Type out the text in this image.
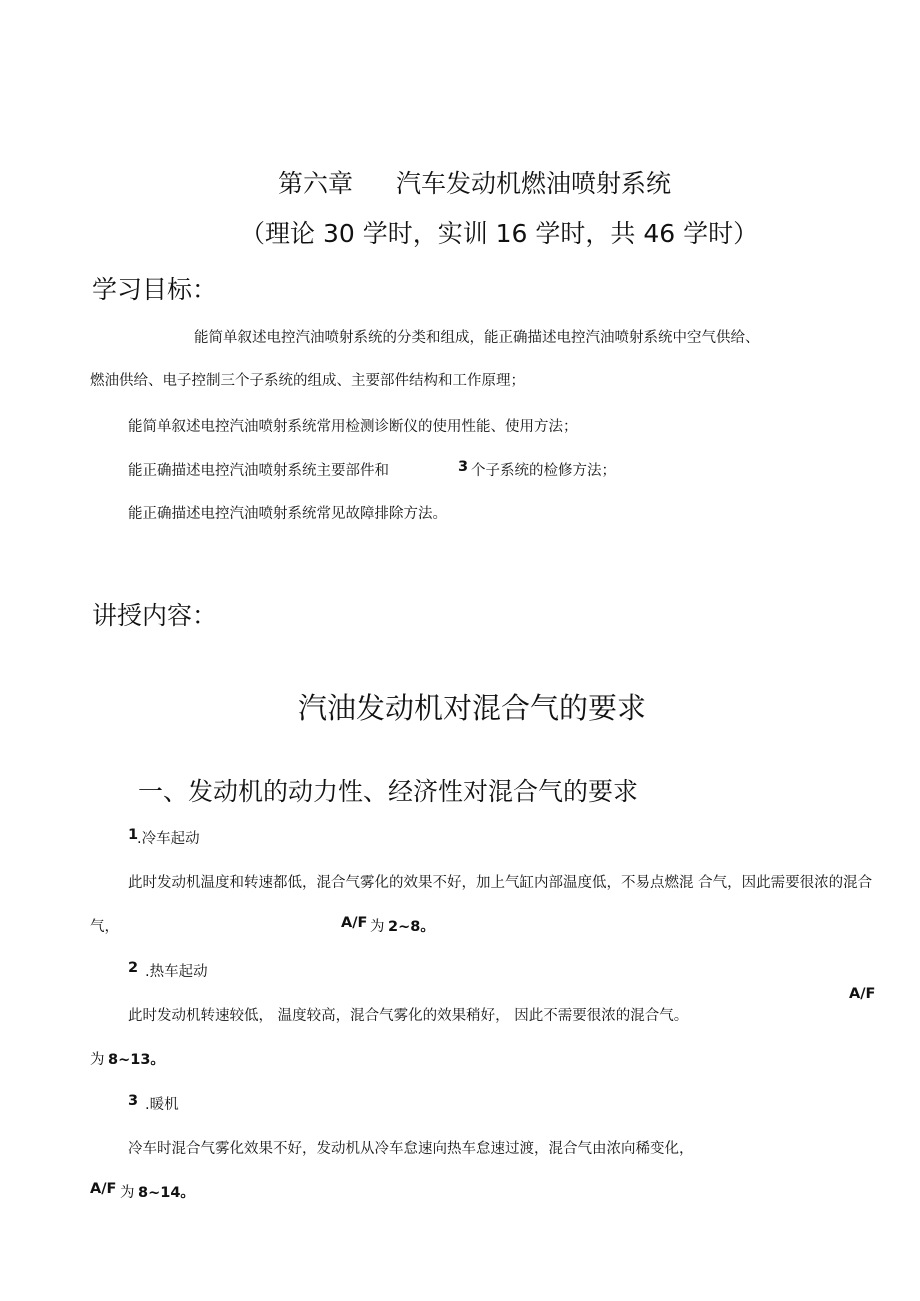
第六章 汽车发动机燃油喷射系统
（理论 30 学时，实训 16 学时，共 46 学时）
学习目标：
能简单叙述电控汽油喷射系统的分类和组成，能正确描述电控汽油喷射系统中空气供给、
燃油供给、电子控制三个子系统的组成、主要部件结构和工作原理；
能简单叙述电控汽油喷射系统常用检测诊断仪的使用性能、使用方法；
能正确描述电控汽油喷射系统主要部件和	3 个子系统的检修方法；
能正确描述电控汽油喷射系统常见故障排除方法。
讲授内容：
汽油发动机对混合气的要求
一、发动机的动力性、经济性对混合气的要求
1
.冷车起动
此时发动机温度和转速都低，混合气雾化的效果不好，加上气缸内部温度低，不易点燃混 合气，因此需要很浓的混合
气，	A/F 为 2~8。
2 .热车起动
此时发动机转速较低， 温度较高，混合气雾化的效果稍好， 因此不需要很浓的混合气。
A/F
为 8~13。
3 .暖机
冷车时混合气雾化效果不好，发动机从冷车怠速向热车怠速过渡，混合气由浓向稀变化，
A/F 为 8~14。
